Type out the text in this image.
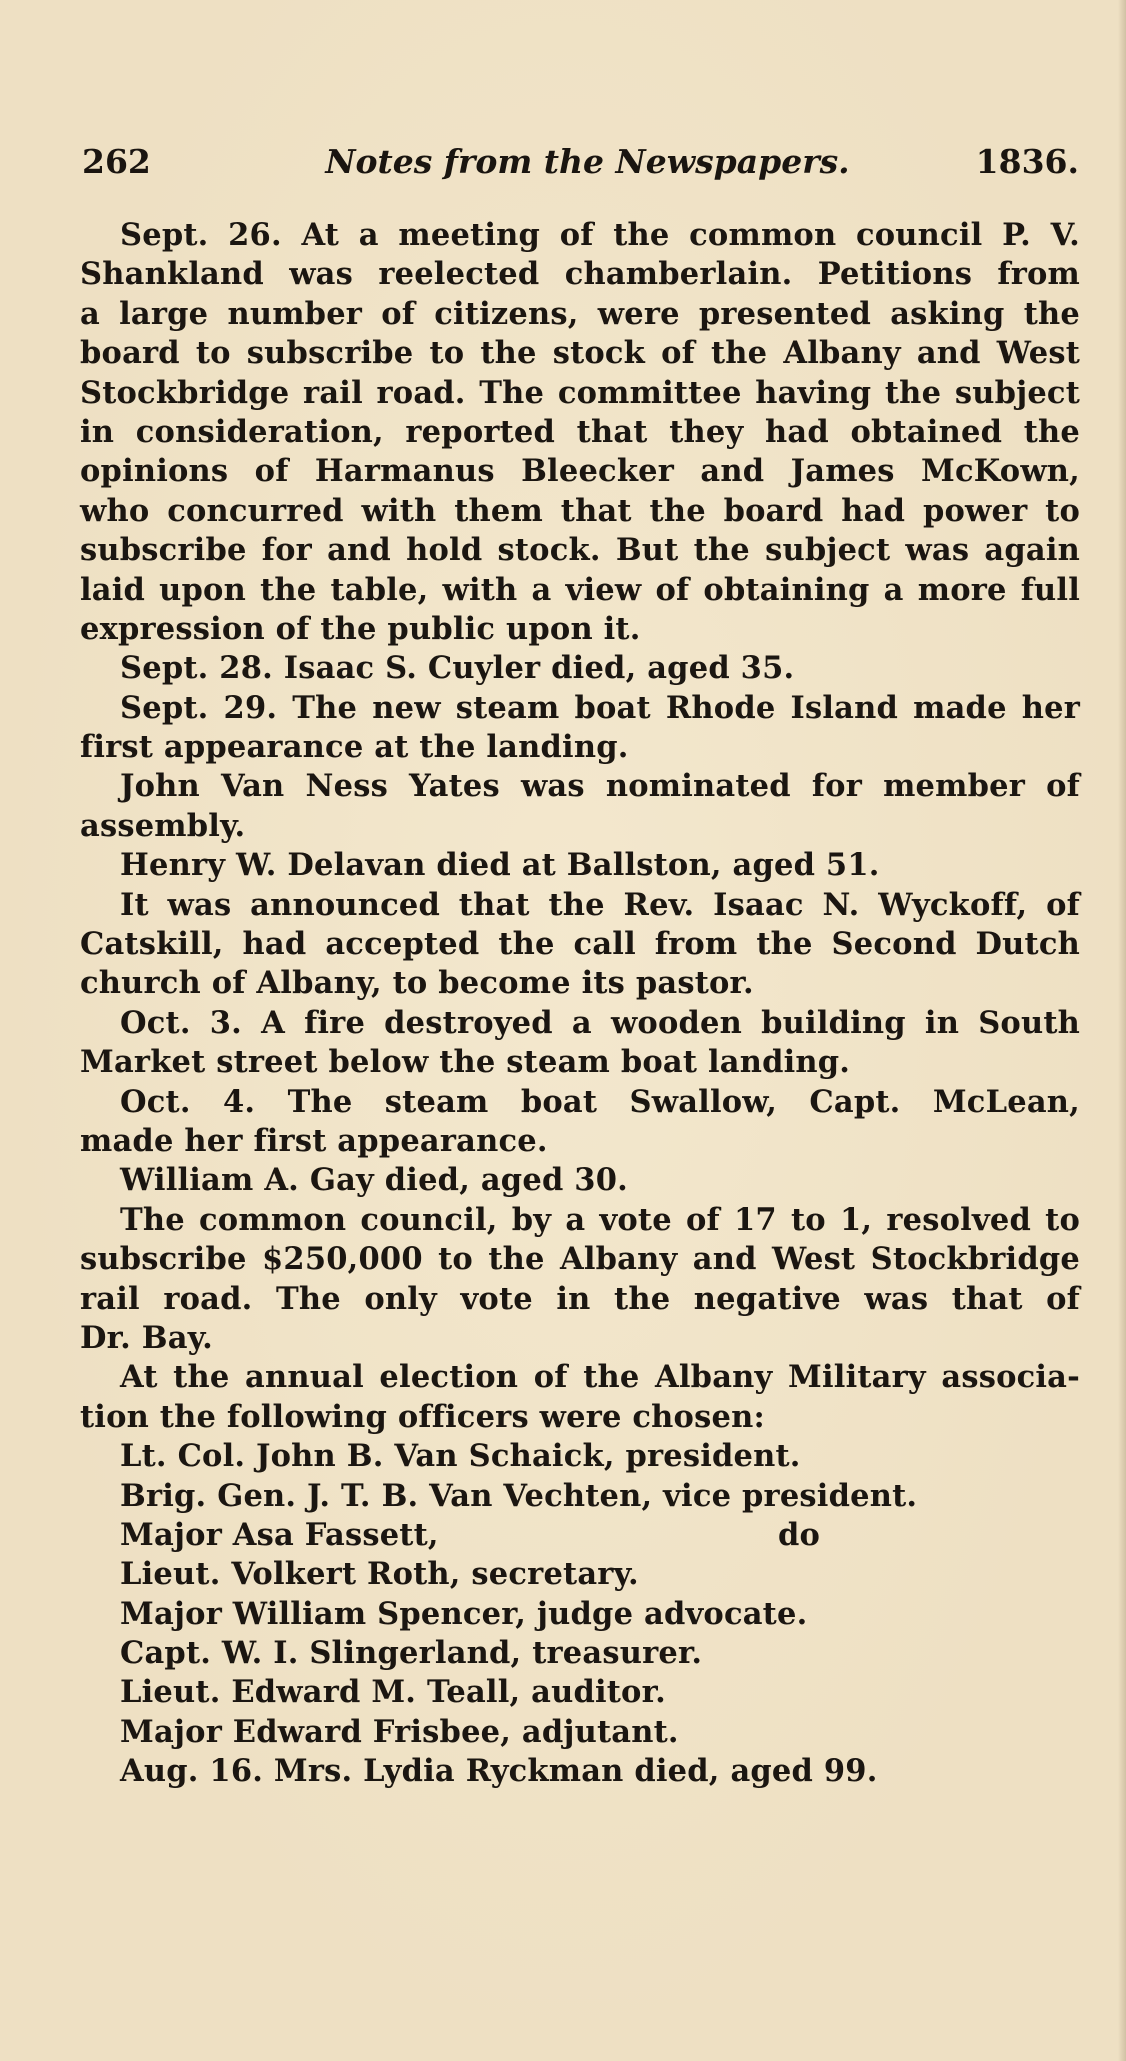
262	Notes from the Newspapers.	1836.
Sept. 26. At a meeting of the common council P. V.
Shankland was reelected chamberlain. Petitions from
a large number of citizens, were presented asking the
board to subscribe to the stock of the Albany and West
Stockbridge rail road. The committee having the subject
in consideration, reported that they had obtained the
opinions of Harmanus Bleecker and James McKown,
who concurred with them that the board had power to
subscribe for and hold stock. But the subject was again
laid upon the table, with a view of obtaining a more full
expression of the public upon it.
Sept. 28. Isaac S. Cuyler died, aged 35.
Sept. 29. The new steam boat Rhode Island made her
first appearance at the landing.
John Van Ness Yates was nominated for member of
assembly.
Henry W. Delavan died at Ballston, aged 51.
It was announced that the Rev. Isaac N. Wyckoff, of
Catskill, had accepted the call from the Second Dutch
church of Albany, to become its pastor.
Oct. 3. A fire destroyed a wooden building in South
Market street below the steam boat landing.
Oct. 4. The steam boat Swallow, Capt. McLean,
made her first appearance.
William A. Gay died, aged 30.
The common council, by a vote of 17 to 1, resolved to
subscribe $250,000 to the Albany and West Stockbridge
rail road. The only vote in the negative was that of
Dr. Bay.
At the annual election of the Albany Military associa-
tion the following officers were chosen:
Lt. Col. John B. Van Schaick, president.
Brig. Gen. J. T. B. Van Vechten, vice president.
Major Asa Fassett,	do
Lieut. Volkert Roth, secretary.
Major William Spencer, judge advocate.
Capt. W. I. Slingerland, treasurer.
Lieut. Edward M. Teall, auditor.
Major Edward Frisbee, adjutant.
Aug. 16. Mrs. Lydia Ryckman died, aged 99.
